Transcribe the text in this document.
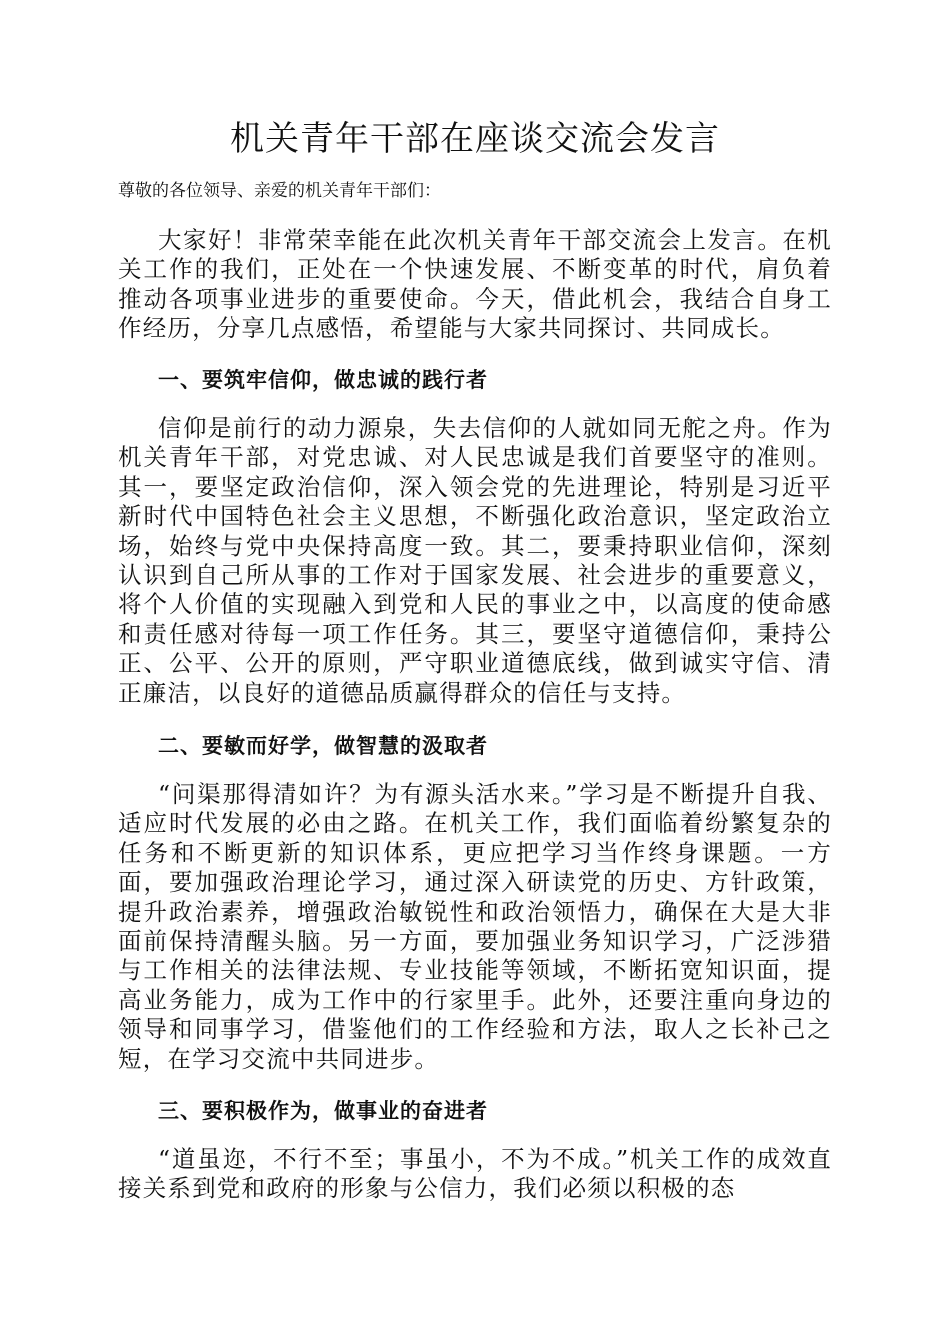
机关青年干部在座谈交流会发言

尊敬的各位领导、亲爱的机关青年干部们：

大家好！非常荣幸能在此次机关青年干部交流会上发言。在机关工作的我们，正处在一个快速发展、不断变革的时代，肩负着推动各项事业进步的重要使命。今天，借此机会，我结合自身工作经历，分享几点感悟，希望能与大家共同探讨、共同成长。

一、要筑牢信仰，做忠诚的践行者

信仰是前行的动力源泉，失去信仰的人就如同无舵之舟。作为机关青年干部，对党忠诚、对人民忠诚是我们首要坚守的准则。其一，要坚定政治信仰，深入领会党的先进理论，特别是习近平新时代中国特色社会主义思想，不断强化政治意识，坚定政治立场，始终与党中央保持高度一致。其二，要秉持职业信仰，深刻认识到自己所从事的工作对于国家发展、社会进步的重要意义，将个人价值的实现融入到党和人民的事业之中，以高度的使命感和责任感对待每一项工作任务。其三，要坚守道德信仰，秉持公正、公平、公开的原则，严守职业道德底线，做到诚实守信、清正廉洁，以良好的道德品质赢得群众的信任与支持。

二、要敏而好学，做智慧的汲取者

“问渠那得清如许？为有源头活水来。”学习是不断提升自我、适应时代发展的必由之路。在机关工作，我们面临着纷繁复杂的任务和不断更新的知识体系，更应把学习当作终身课题。一方面，要加强政治理论学习，通过深入研读党的历史、方针政策，提升政治素养，增强政治敏锐性和政治领悟力，确保在大是大非面前保持清醒头脑。另一方面，要加强业务知识学习，广泛涉猎与工作相关的法律法规、专业技能等领域，不断拓宽知识面，提高业务能力，成为工作中的行家里手。此外，还要注重向身边的领导和同事学习，借鉴他们的工作经验和方法，取人之长补己之短，在学习交流中共同进步。

三、要积极作为，做事业的奋进者

“道虽迩，不行不至；事虽小，不为不成。”机关工作的成效直接关系到党和政府的形象与公信力，我们必须以积极的态
